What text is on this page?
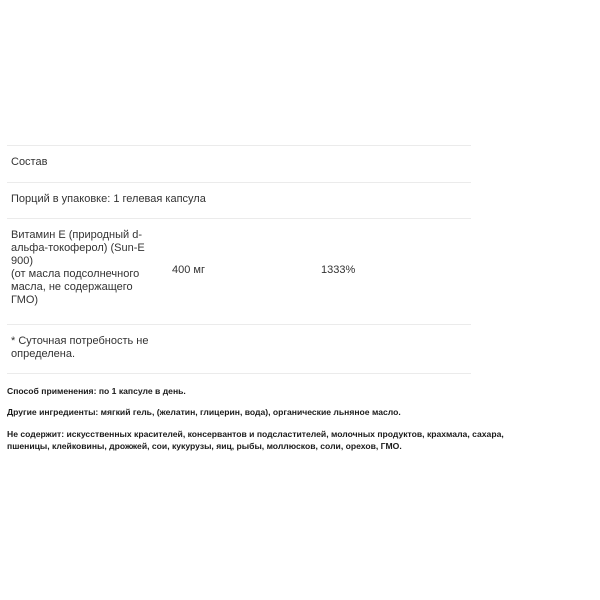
Состав
Порций в упаковке: 1 гелевая капсула
Витамин E (природный d-
альфа-токоферол) (Sun-E
900)
(от масла подсолнечного
масла, не содержащего
ГМО)
400 мг	1333%
* Суточная потребность не
определена.
Способ применения: по 1 капсуле в день.
Другие ингредиенты: мягкий гель, (желатин, глицерин, вода), органические льняное масло.
Не содержит: искусственных красителей, консервантов и подсластителей, молочных продуктов, крахмала, сахара,
пшеницы, клейковины, дрожжей, сои, кукурузы, яиц, рыбы, моллюсков, соли, орехов, ГМО.
